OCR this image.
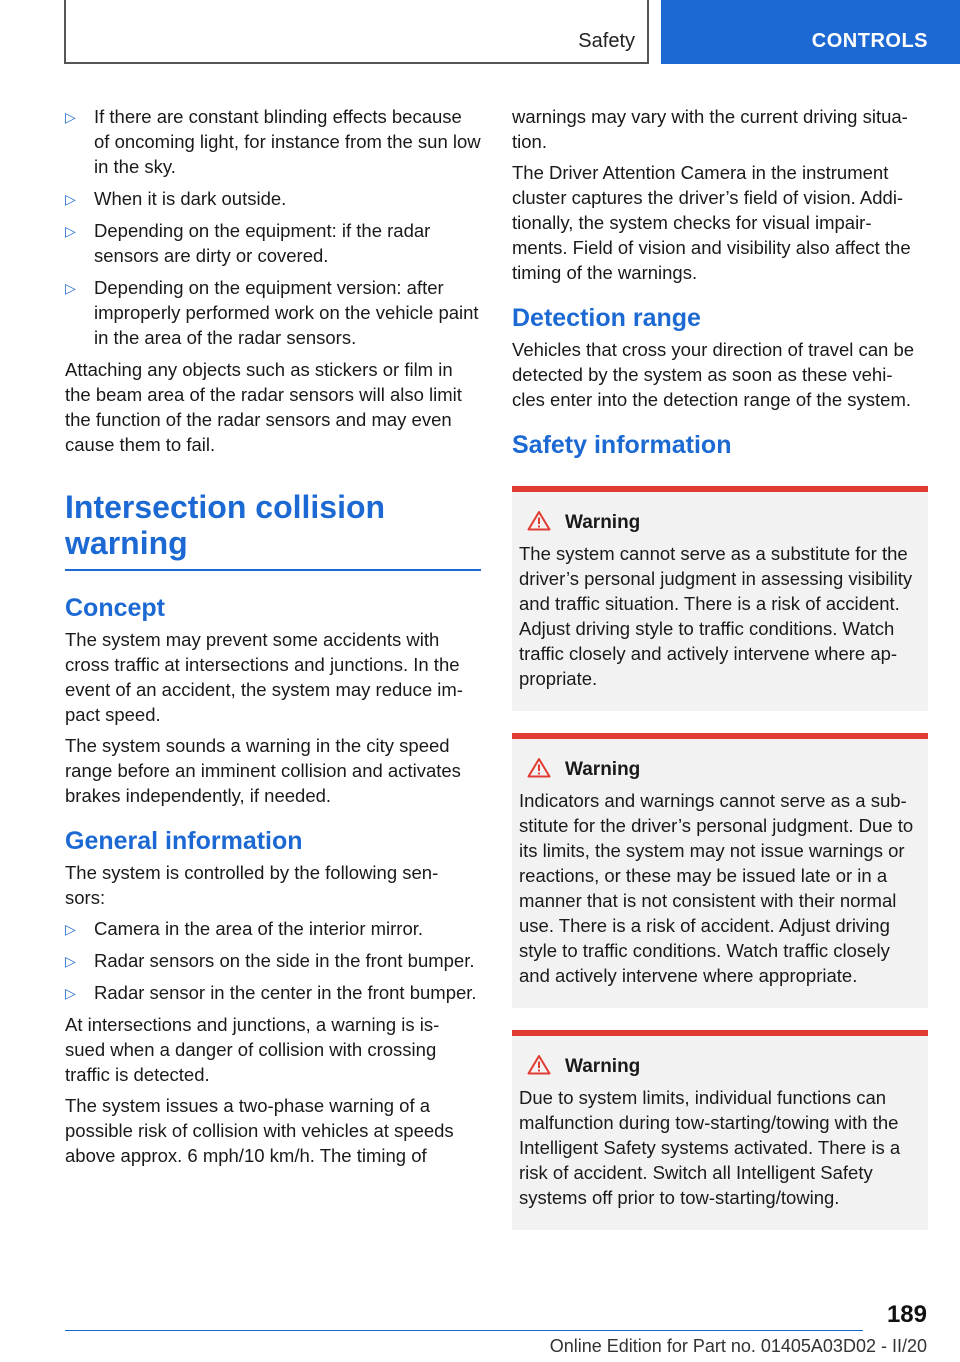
Safety	CONTROLS
▷ If there are constant blinding effects because of oncoming light, for instance from the sun low in the sky.
▷ When it is dark outside.
▷ Depending on the equipment: if the radar sensors are dirty or covered.
▷ Depending on the equipment version: after improperly performed work on the vehicle paint in the area of the radar sensors.

Attaching any objects such as stickers or film in the beam area of the radar sensors will also limit the function of the radar sensors and may even cause them to fail.

Intersection collision warning
Concept

The system may prevent some accidents with cross traffic at intersections and junctions. In the event of an accident, the system may reduce im‐ pact speed.

The system sounds a warning in the city speed range before an imminent collision and activates brakes independently, if needed.

General information

The system is controlled by the following sen‐ sors:

▷ Camera in the area of the interior mirror.
▷ Radar sensors on the side in the front bumper.
▷ Radar sensor in the center in the front bumper.

At intersections and junctions, a warning is is‐ sued when a danger of collision with crossing traffic is detected.

The system issues a two-phase warning of a possible risk of collision with vehicles at speeds above approx. 6 mph/10 km/h. The timing of

warnings may vary with the current driving situa‐ tion.

The Driver Attention Camera in the instrument cluster captures the driver’s field of vision. Addi‐ tionally, the system checks for visual impair‐ ments. Field of vision and visibility also affect the timing of the warnings.

Detection range

Vehicles that cross your direction of travel can be detected by the system as soon as these vehi‐ cles enter into the detection range of the system.

Safety information
Warning

The system cannot serve as a substitute for the driver’s personal judgment in assessing visibility and traffic situation. There is a risk of accident. Adjust driving style to traffic conditions. Watch traffic closely and actively intervene where ap‐ propriate.

Warning

Indicators and warnings cannot serve as a sub‐ stitute for the driver’s personal judgment. Due to its limits, the system may not issue warnings or reactions, or these may be issued late or in a manner that is not consistent with their normal use. There is a risk of accident. Adjust driving style to traffic conditions. Watch traffic closely and actively intervene where appropriate.

Warning

Due to system limits, individual functions can malfunction during tow-starting/towing with the Intelligent Safety systems activated. There is a risk of accident. Switch all Intelligent Safety systems off prior to tow-starting/towing.

189
Online Edition for Part no. 01405A03D02 - II/20
